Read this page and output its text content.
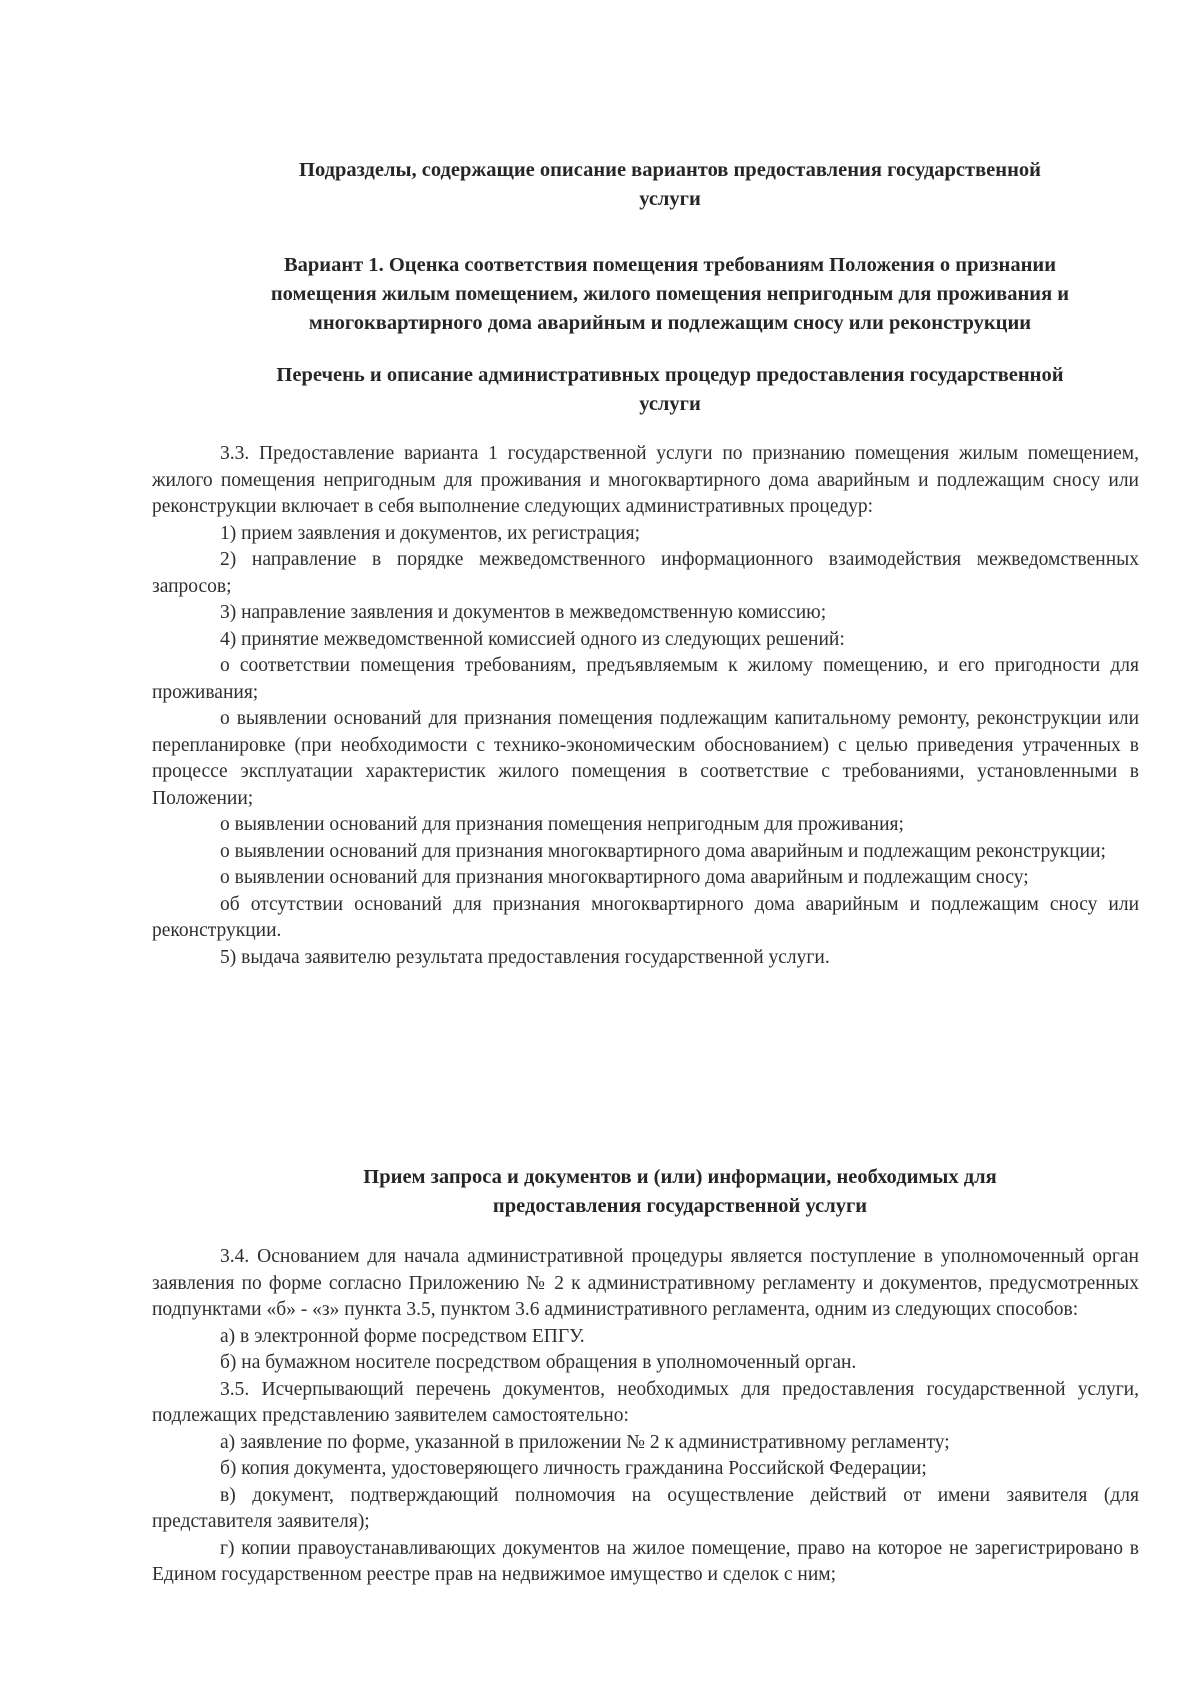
Подразделы, содержащие описание вариантов предоставления государственной
услуги
Вариант 1. Оценка соответствия помещения требованиям Положения о признании
помещения жилым помещением, жилого помещения непригодным для проживания и
многоквартирного дома аварийным и подлежащим сносу или реконструкции
Перечень и описание административных процедур предоставления государственной
услуги

3.3. Предоставление варианта 1 государственной услуги по признанию помещения жилым помещением, жилого помещения непригодным для проживания и многоквартирного дома аварийным и подлежащим сносу или реконструкции включает в себя выполнение следующих административных процедур:

1) прием заявления и документов, их регистрация;

2) направление в порядке межведомственного информационного взаимодействия межведомственных запросов;

3) направление заявления и документов в межведомственную комиссию;

4) принятие межведомственной комиссией одного из следующих решений:

о соответствии помещения требованиям, предъявляемым к жилому помещению, и его пригодности для проживания;

о выявлении оснований для признания помещения подлежащим капитальному ремонту, реконструкции или перепланировке (при необходимости с технико-экономическим обоснованием) с целью приведения утраченных в процессе эксплуатации характеристик жилого помещения в соответствие с требованиями, установленными в Положении;

о выявлении оснований для признания помещения непригодным для проживания;

о выявлении оснований для признания многоквартирного дома аварийным и подлежащим реконструкции;

о выявлении оснований для признания многоквартирного дома аварийным и подлежащим сносу;

об отсутствии оснований для признания многоквартирного дома аварийным и подлежащим сносу или реконструкции.

5) выдача заявителю результата предоставления государственной услуги.

Прием запроса и документов и (или) информации, необходимых для
предоставления государственной услуги

3.4. Основанием для начала административной процедуры является поступление в уполномоченный орган заявления по форме согласно Приложению № 2 к административному регламенту и документов, предусмотренных подпунктами «б» - «з» пункта 3.5, пунктом 3.6 административного регламента, одним из следующих способов:

а) в электронной форме посредством ЕПГУ.

б) на бумажном носителе посредством обращения в уполномоченный орган.

3.5. Исчерпывающий перечень документов, необходимых для предоставления государственной услуги, подлежащих представлению заявителем самостоятельно:

а) заявление по форме, указанной в приложении № 2 к административному регламенту;

б) копия документа, удостоверяющего личность гражданина Российской Федерации;

в) документ, подтверждающий полномочия на осуществление действий от имени заявителя (для представителя заявителя);

г) копии правоустанавливающих документов на жилое помещение, право на которое не зарегистрировано в Едином государственном реестре прав на недвижимое имущество и сделок с ним;
